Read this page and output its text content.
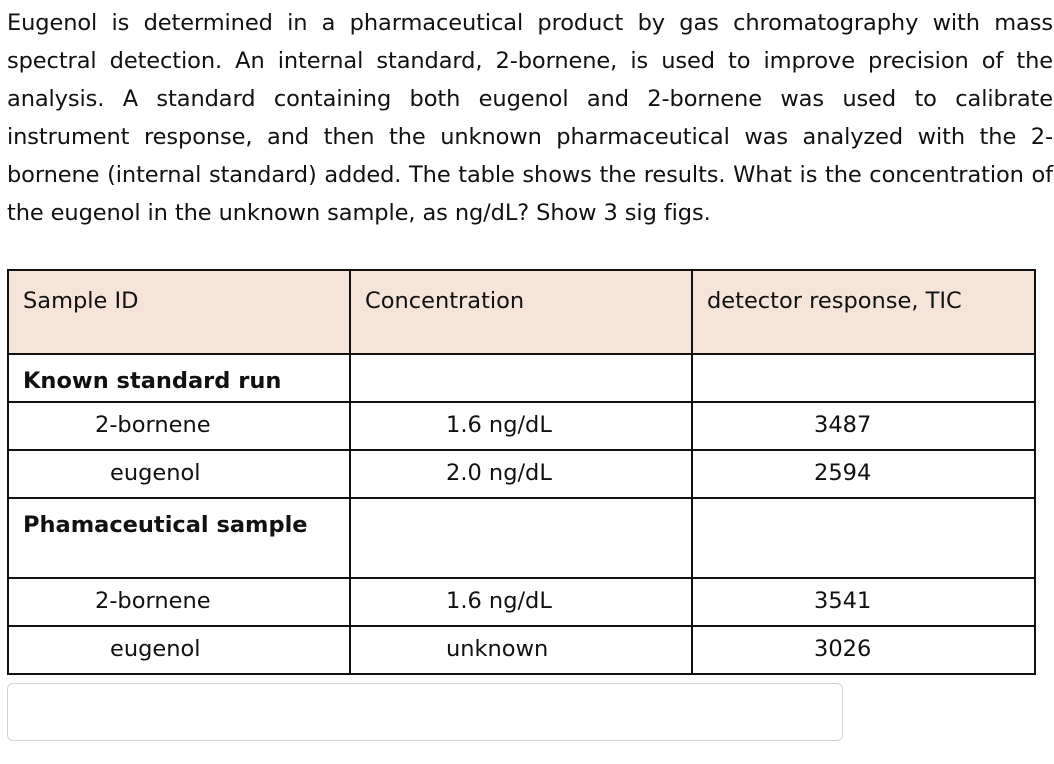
Eugenol is determined in a pharmaceutical product by gas chromatography with mass spectral detection. An internal standard, 2-bornene, is used to improve precision of the analysis. A standard containing both eugenol and 2-bornene was used to calibrate instrument response, and then the unknown pharmaceutical was analyzed with the 2-bornene (internal standard) added. The table shows the results. What is the concentration of the eugenol in the unknown sample, as ng/dL? Show 3 sig figs.

Sample ID	Concentration	detector response, TIC

Known standard run		

2-bornene	1.6 ng/dL	3487

eugenol	2.0 ng/dL	2594

Phamaceutical sample		

2-bornene	1.6 ng/dL	3541

eugenol	unknown	3026
